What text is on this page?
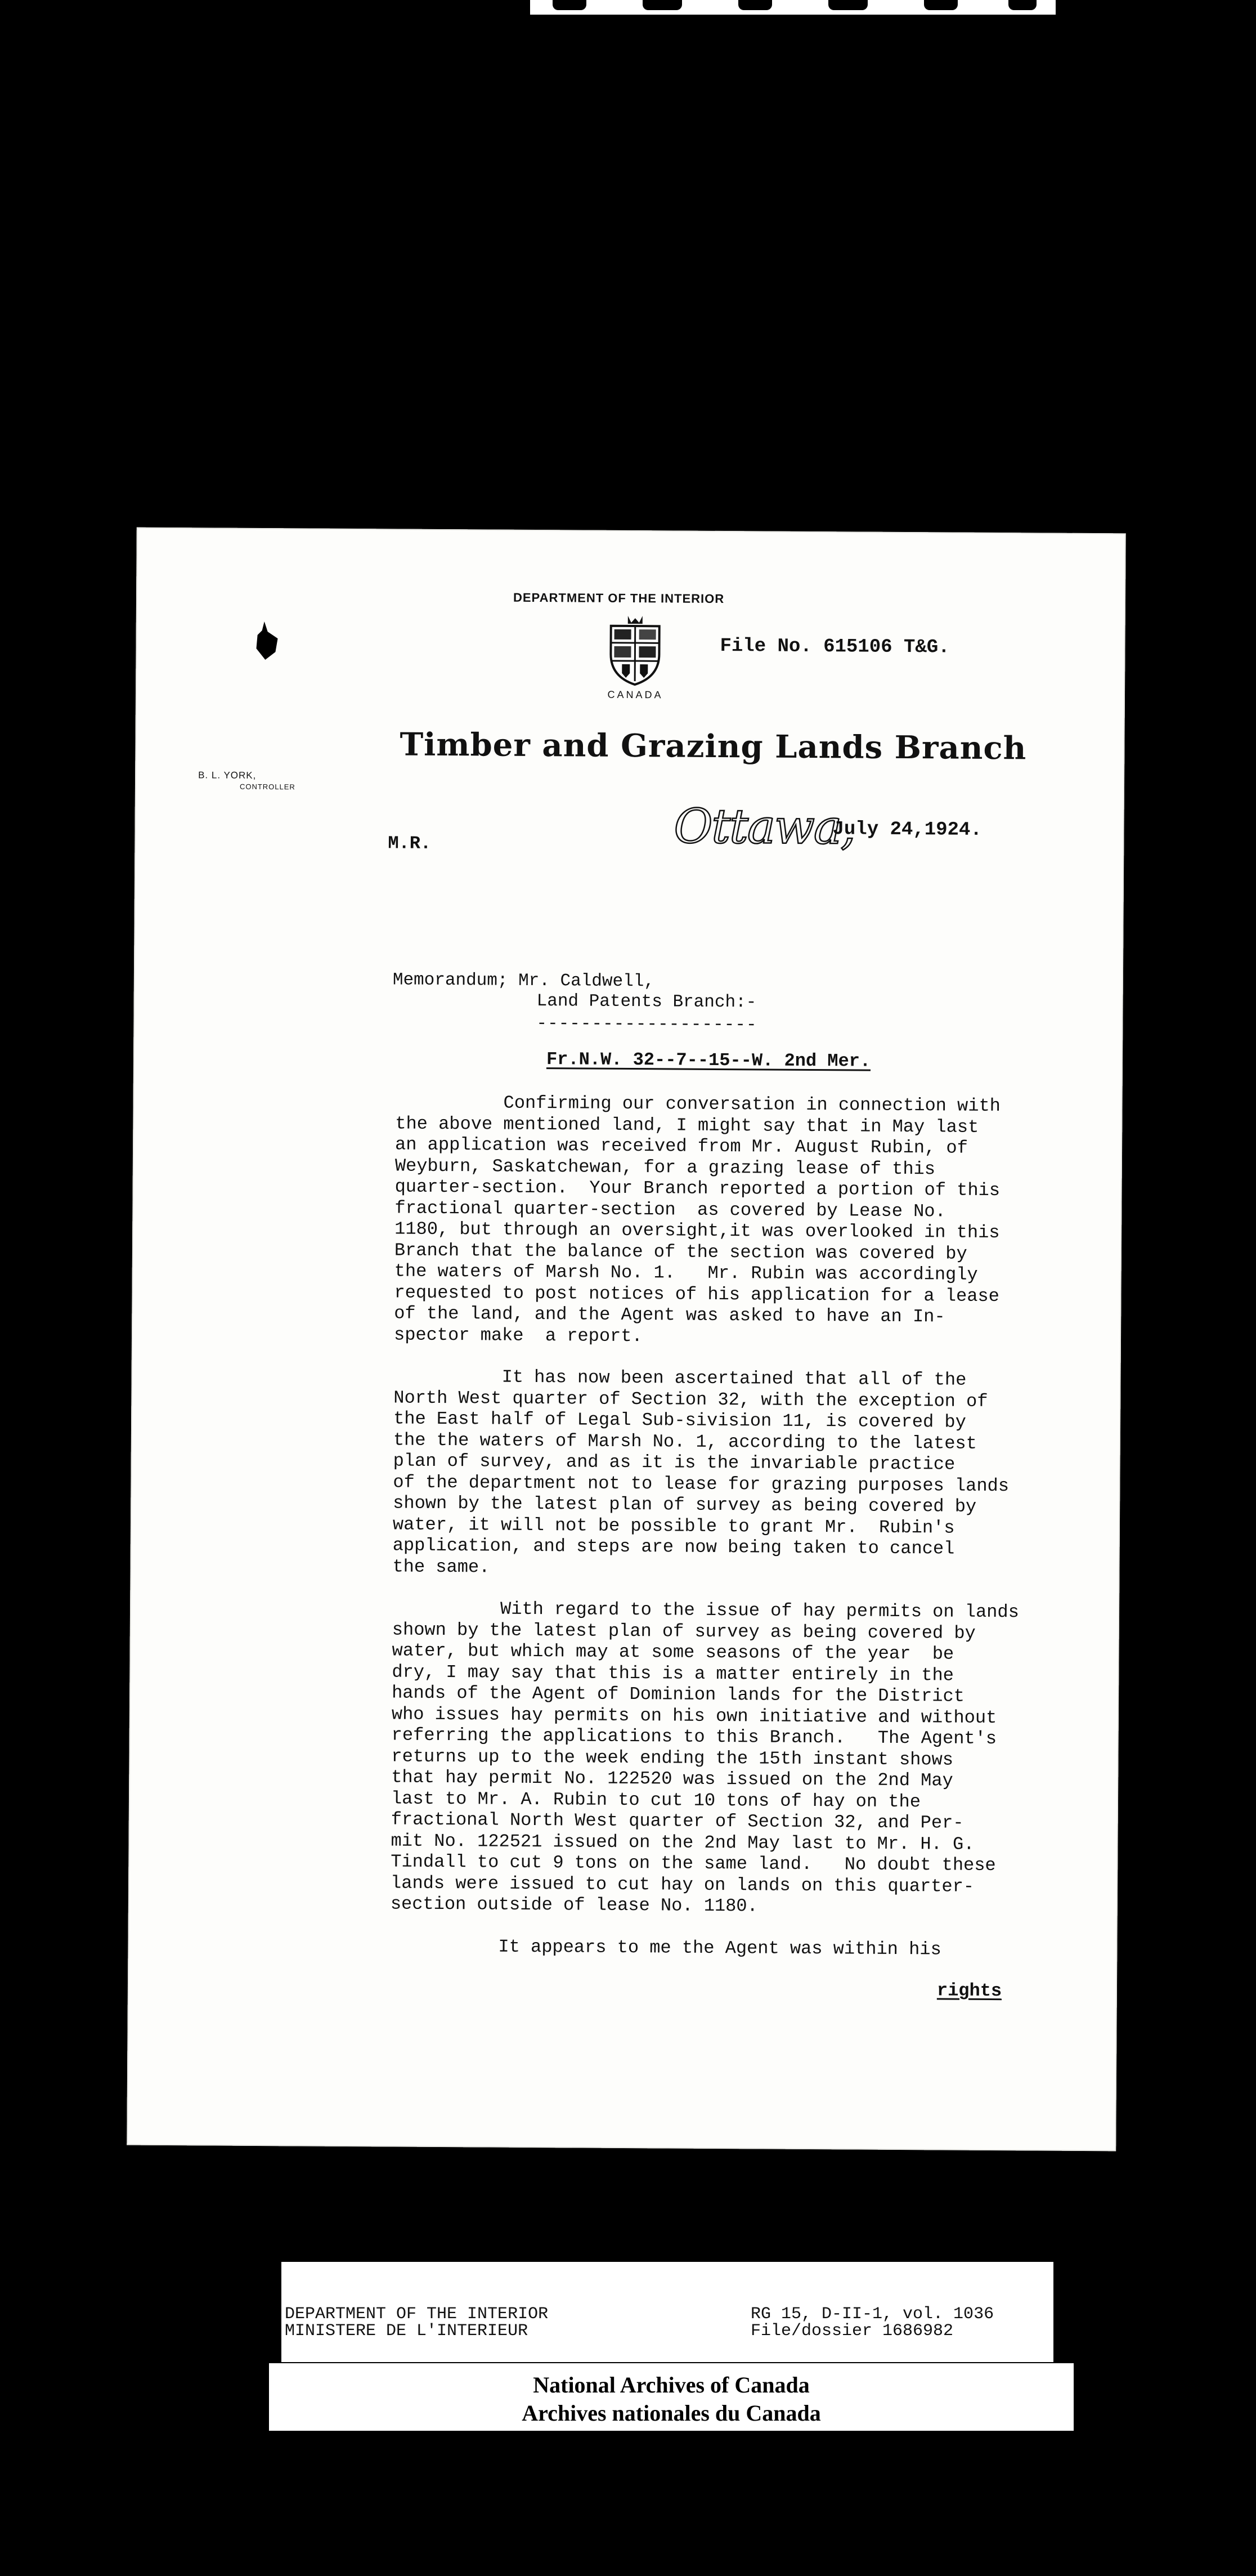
DEPARTMENT OF THE INTERIOR
CANADA
File No. 615106 T&G.
Timber and Grazing Lands Branch
B. L. YORK,
CONTROLLER
M.R.	Ottawa,
July 24,1924.
Memorandum; Mr. Caldwell,
Land Patents Branch:-
--------------------
Fr.N.W. 32--7--15--W. 2nd Mer.

Confirming our conversation in connection with
the above mentioned land, I might say that in May last
an application was received from Mr. August Rubin, of
Weyburn, Saskatchewan, for a grazing lease of this
quarter-section.  Your Branch reported a portion of this
fractional quarter-section  as covered by Lease No.
1180, but through an oversight,it was overlooked in this
Branch that the balance of the section was covered by
the waters of Marsh No. 1.   Mr. Rubin was accordingly
requested to post notices of his application for a lease
of the land, and the Agent was asked to have an In-
spector make  a report.

It has now been ascertained that all of the
North West quarter of Section 32, with the exception of
the East half of Legal Sub-sivision 11, is covered by
the the waters of Marsh No. 1, according to the latest
plan of survey, and as it is the invariable practice
of the department not to lease for grazing purposes lands
shown by the latest plan of survey as being covered by
water, it will not be possible to grant Mr.  Rubin's
application, and steps are now being taken to cancel
the same.

With regard to the issue of hay permits on lands
shown by the latest plan of survey as being covered by
water, but which may at some seasons of the year  be
dry, I may say that this is a matter entirely in the
hands of the Agent of Dominion lands for the District
who issues hay permits on his own initiative and without
referring the applications to this Branch.   The Agent's
returns up to the week ending the 15th instant shows
that hay permit No. 122520 was issued on the 2nd May
last to Mr. A. Rubin to cut 10 tons of hay on the
fractional North West quarter of Section 32, and Per-
mit No. 122521 issued on the 2nd May last to Mr. H. G.
Tindall to cut 9 tons on the same land.   No doubt these
lands were issued to cut hay on lands on this quarter-
section outside of lease No. 1180.

It appears to me the Agent was within his

rights
DEPARTMENT OF THE INTERIOR
MINISTERE DE L'INTERIEUR
RG 15, D-II-1, vol. 1036
File/dossier 1686982
National Archives of Canada
Archives nationales du Canada
